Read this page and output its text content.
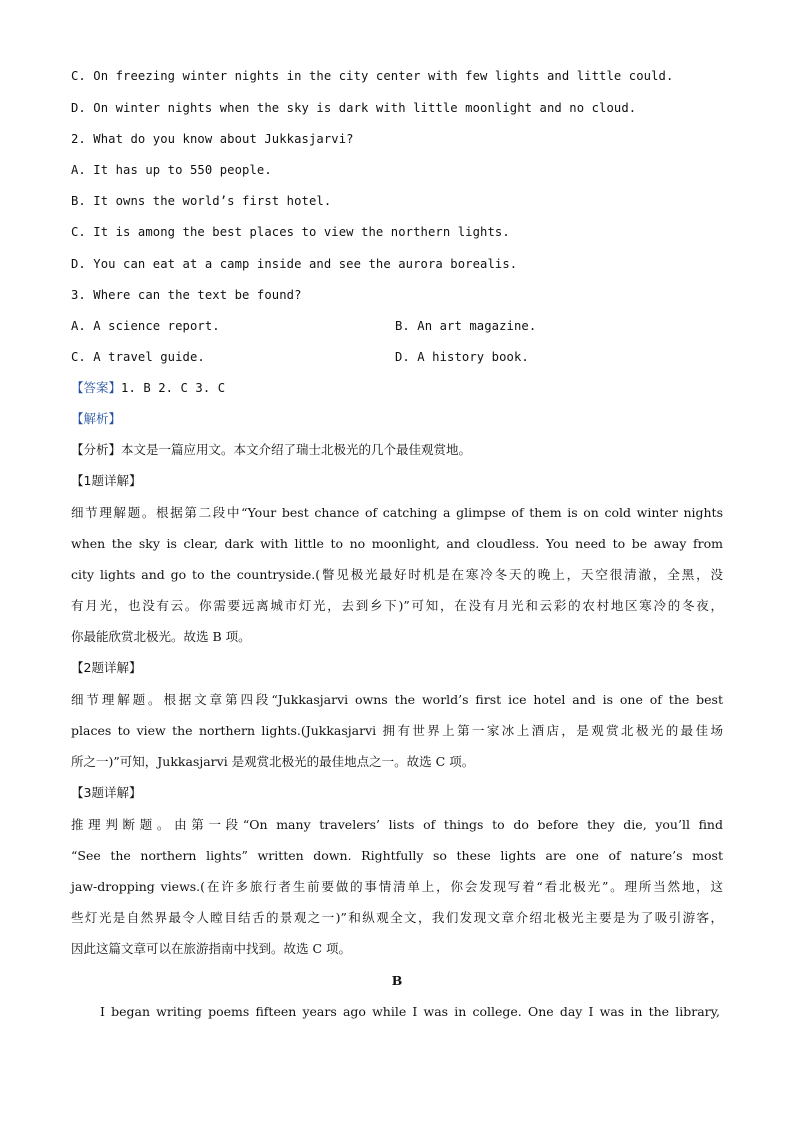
C. On freezing winter nights in the city center with few lights and little could.
D. On winter nights when the sky is dark with little moonlight and no cloud.
2. What do you know about Jukkasjarvi?
A. It has up to 550 people.
B. It owns the world’s first hotel.
C. It is among the best places to view the northern lights.
D. You can eat at a camp inside and see the aurora borealis.
3. Where can the text be found?
A. A science report.	B. An art magazine.
C. A travel guide.	D. A history book.
【答案】1. B 2. C 3. C
【解析】
【分析】本文是一篇应用文。本文介绍了瑞士北极光的几个最佳观赏地。
【1题详解】
细节理解题。根据第二段中“Your best chance of catching a glimpse of them is on cold winter nights
when the sky is clear, dark with little to no moonlight, and cloudless. You need to be away from
city lights and go to the countryside.(瞥见极光最好时机是在寒冷冬天的晚上，天空很清澈，全黑，没
有月光，也没有云。你需要远离城市灯光，去到乡下)”可知，在没有月光和云彩的农村地区寒冷的冬夜，
你最能欣赏北极光。故选 B 项。
【2题详解】
细节理解题。根据文章第四段“Jukkasjarvi owns the world’s first ice hotel and is one of the best
places to view the northern lights.(Jukkasjarvi 拥有世界上第一家冰上酒店，是观赏北极光的最佳场
所之一)”可知，Jukkasjarvi 是观赏北极光的最佳地点之一。故选 C 项。
【3题详解】
推理判断题。由第一段“On many travelers’ lists of things to do before they die, you’ll find
“See the northern lights” written down. Rightfully so these lights are one of nature’s most
jaw-dropping views.(在许多旅行者生前要做的事情清单上，你会发现写着“看北极光”。理所当然地，这
些灯光是自然界最令人瞠目结舌的景观之一)”和纵观全文，我们发现文章介绍北极光主要是为了吸引游客，
因此这篇文章可以在旅游指南中找到。故选 C 项。
B
I began writing poems fifteen years ago while I was in college. One day I was in the library,
